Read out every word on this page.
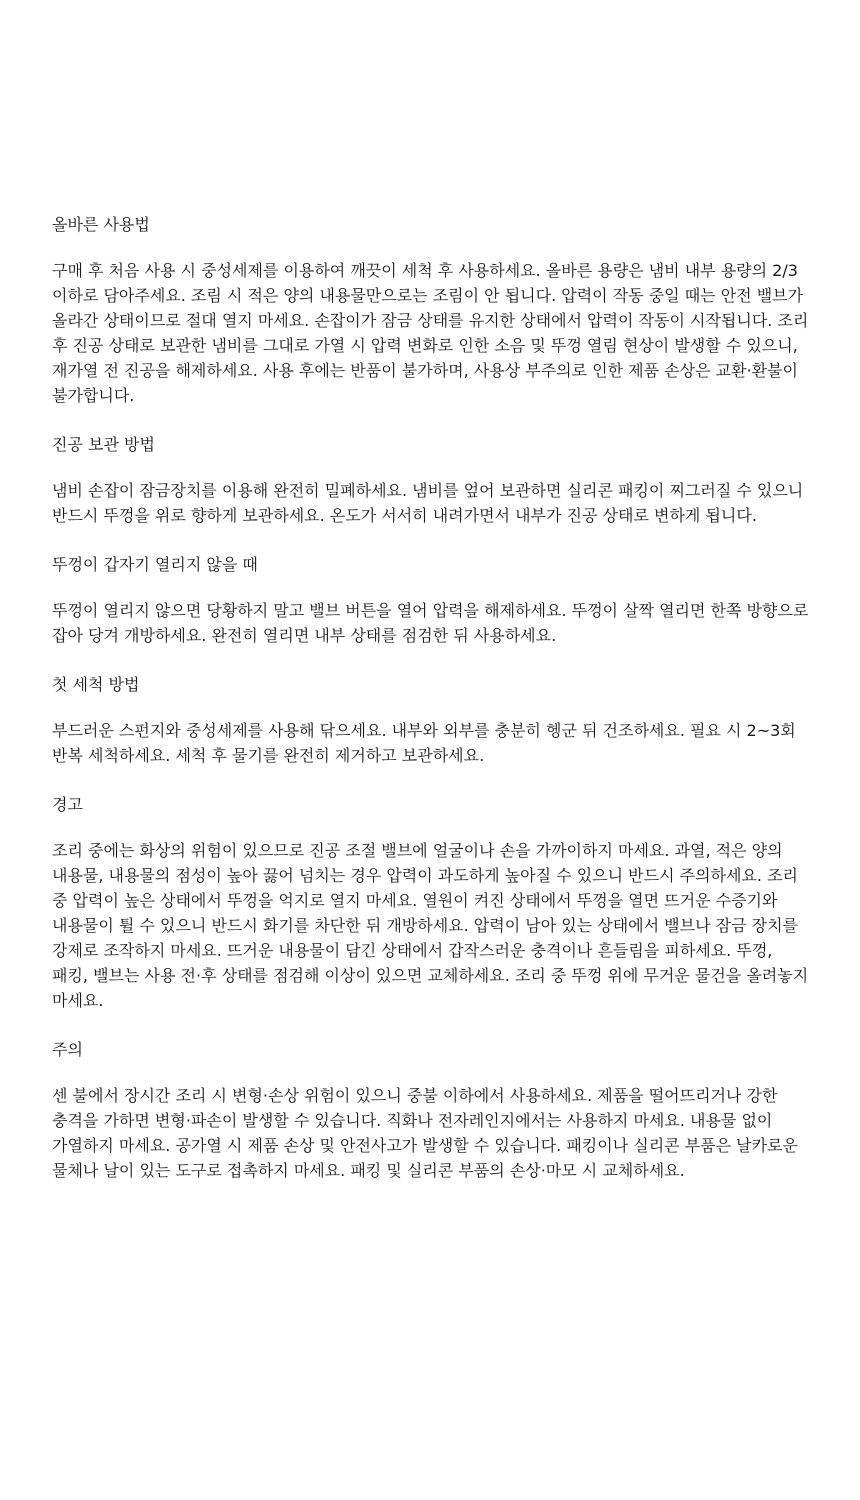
올바른 사용법

구매 후 처음 사용 시 중성세제를 이용하여 깨끗이 세척 후 사용하세요. 올바른 용량은 냄비 내부 용량의 2/3 이하로 담아주세요. 조림 시 적은 양의 내용물만으로는 조림이 안 됩니다. 압력이 작동 중일 때는 안전 밸브가 올라간 상태이므로 절대 열지 마세요. 손잡이가 잠금 상태를 유지한 상태에서 압력이 작동이 시작됩니다. 조리 후 진공 상태로 보관한 냄비를 그대로 가열 시 압력 변화로 인한 소음 및 뚜껑 열림 현상이 발생할 수 있으니, 재가열 전 진공을 해제하세요. 사용 후에는 반품이 불가하며, 사용상 부주의로 인한 제품 손상은 교환·환불이 불가합니다.

진공 보관 방법

냄비 손잡이 잠금장치를 이용해 완전히 밀폐하세요. 냄비를 엎어 보관하면 실리콘 패킹이 찌그러질 수 있으니 반드시 뚜껑을 위로 향하게 보관하세요. 온도가 서서히 내려가면서 내부가 진공 상태로 변하게 됩니다.

뚜껑이 갑자기 열리지 않을 때

뚜껑이 열리지 않으면 당황하지 말고 밸브 버튼을 열어 압력을 해제하세요. 뚜껑이 살짝 열리면 한쪽 방향으로 잡아 당겨 개방하세요. 완전히 열리면 내부 상태를 점검한 뒤 사용하세요.

첫 세척 방법

부드러운 스펀지와 중성세제를 사용해 닦으세요. 내부와 외부를 충분히 헹군 뒤 건조하세요. 필요 시 2~3회 반복 세척하세요. 세척 후 물기를 완전히 제거하고 보관하세요.

경고

조리 중에는 화상의 위험이 있으므로 진공 조절 밸브에 얼굴이나 손을 가까이하지 마세요. 과열, 적은 양의 내용물, 내용물의 점성이 높아 끓어 넘치는 경우 압력이 과도하게 높아질 수 있으니 반드시 주의하세요. 조리 중 압력이 높은 상태에서 뚜껑을 억지로 열지 마세요. 열원이 켜진 상태에서 뚜껑을 열면 뜨거운 수증기와 내용물이 튈 수 있으니 반드시 화기를 차단한 뒤 개방하세요. 압력이 남아 있는 상태에서 밸브나 잠금 장치를 강제로 조작하지 마세요. 뜨거운 내용물이 담긴 상태에서 갑작스러운 충격이나 흔들림을 피하세요. 뚜껑, 패킹, 밸브는 사용 전·후 상태를 점검해 이상이 있으면 교체하세요. 조리 중 뚜껑 위에 무거운 물건을 올려놓지 마세요.

주의

센 불에서 장시간 조리 시 변형·손상 위험이 있으니 중불 이하에서 사용하세요. 제품을 떨어뜨리거나 강한 충격을 가하면 변형·파손이 발생할 수 있습니다. 직화나 전자레인지에서는 사용하지 마세요. 내용물 없이 가열하지 마세요. 공가열 시 제품 손상 및 안전사고가 발생할 수 있습니다. 패킹이나 실리콘 부품은 날카로운 물체나 날이 있는 도구로 접촉하지 마세요. 패킹 및 실리콘 부품의 손상·마모 시 교체하세요.
